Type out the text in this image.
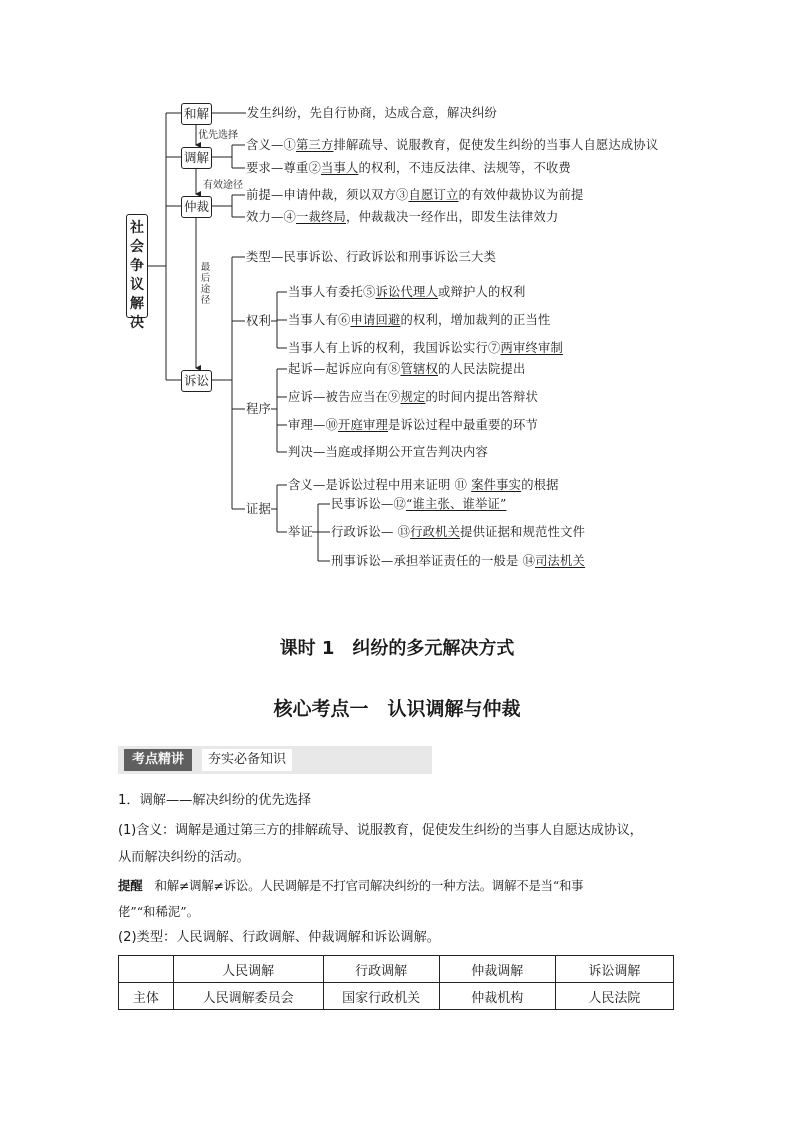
社会争议解决
和解
调解
仲裁
诉讼
优先选择
有效途径
最后途径
发生纠纷，先自行协商，达成合意，解决纠纷
含义—①第三方排解疏导、说服教育，促使发生纠纷的当事人自愿达成协议
要求—尊重②当事人的权利，不违反法律、法规等，不收费
前提—申请仲裁，须以双方③自愿订立的有效仲裁协议为前提
效力—④一裁终局，仲裁裁决一经作出，即发生法律效力
类型—民事诉讼、行政诉讼和刑事诉讼三大类
权利
程序
证据
当事人有委托⑤诉讼代理人或辩护人的权利
当事人有⑥申请回避的权利，增加裁判的正当性
当事人有上诉的权利，我国诉讼实行⑦两审终审制
起诉—起诉应向有⑧管辖权的人民法院提出
应诉—被告应当在⑨规定的时间内提出答辩状
审理—⑩开庭审理是诉讼过程中最重要的环节
判决—当庭或择期公开宣告判决内容
含义—是诉讼过程中用来证明 ⑪ 案件事实的根据
举证
民事诉讼—⑫“谁主张、谁举证”
行政诉讼— ⑬行政机关提供证据和规范性文件
刑事诉讼—承担举证责任的一般是 ⑭司法机关
课时 1　纠纷的多元解决方式
核心考点一　认识调解与仲裁
考点精讲	夯实必备知识
1．调解——解决纠纷的优先选择
(1)含义：调解是通过第三方的排解疏导、说服教育，促使发生纠纷的当事人自愿达成协议，
从而解决纠纷的活动。
提醒　和解≠调解≠诉讼。人民调解是不打官司解决纠纷的一种方法。调解不是当“和事
佬”“和稀泥”。
(2)类型：人民调解、行政调解、仲裁调解和诉讼调解。
	人民调解	行政调解	仲裁调解	诉讼调解
主体	人民调解委员会	国家行政机关	仲裁机构	人民法院
